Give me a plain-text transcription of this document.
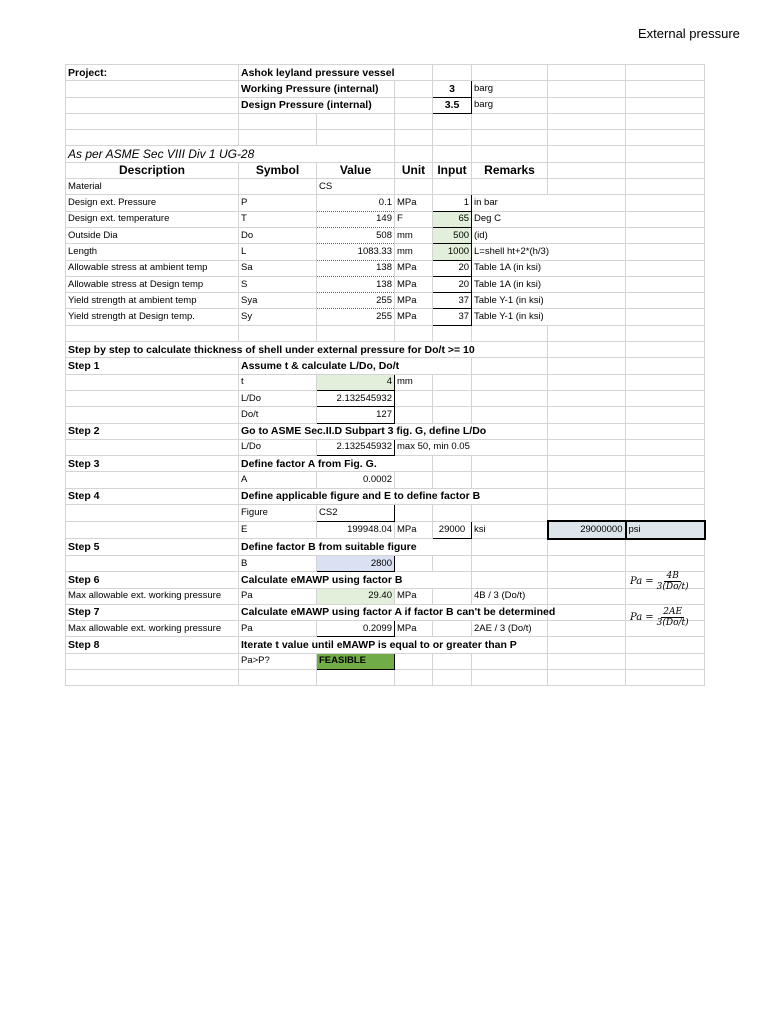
External pressure
Project:	Ashok leyland pressure vessel						
	Working Pressure (internal)			3	barg		
	Design Pressure (internal)			3.5	barg		

As per ASME Sec VIII Div 1 UG-28							
Description	Symbol	Value	Unit	Input	Remarks		
Material		CS					
Design ext. Pressure	P	0.1	MPa	1	in bar		
Design ext. temperature	T	149	F	65	Deg C		
Outside Dia	Do	508	mm	500	(id)		
Length	L	1083.33	mm	1000	L=shell ht+2*(h/3)		
Allowable stress at ambient temp	Sa	138	MPa	20	Table 1A (in ksi)		
Allowable stress at Design temp	S	138	MPa	20	Table 1A (in ksi)		
Yield strength at ambient temp	Sya	255	MPa	37	Table Y-1 (in ksi)		
Yield strength at Design temp.	Sy	255	MPa	37	Table Y-1 (in ksi)		

Step by step to calculate thickness of shell under external pressure for Do/t >= 10							
Step 1	Assume t & calculate L/Do, Do/t						
	t	4	mm				
	L/Do	2.132545932					
	Do/t	127					
Step 2	Go to ASME Sec.II.D Subpart 3 fig. G, define L/Do						
	L/Do	2.132545932	max 50, min 0.05				
Step 3	Define factor A from Fig. G.						
	A	0.0002					
Step 4	Define applicable figure and E to define factor B						
	Figure	CS2					
	E	199948.04	MPa	29000	ksi	29000000	psi
Step 5	Define factor B from suitable figure						
	B	2800					
Step 6	Calculate eMAWP using factor B						
Max allowable ext. working pressure	Pa	29.40	MPa		4B / 3 (Do/t)		
Step 7	Calculate eMAWP using factor A if factor B can't be determined						
Max allowable ext. working pressure	Pa	0.2099	MPa		2AE / 3 (Do/t)		
Step 8	Iterate t value until eMAWP is equal to or greater than P						
	Pa>P?	FEASIBLE					

$Pa = \frac{4B}{3(Do/t)}$
$Pa = \frac{2AE}{3(Do/t)}$
